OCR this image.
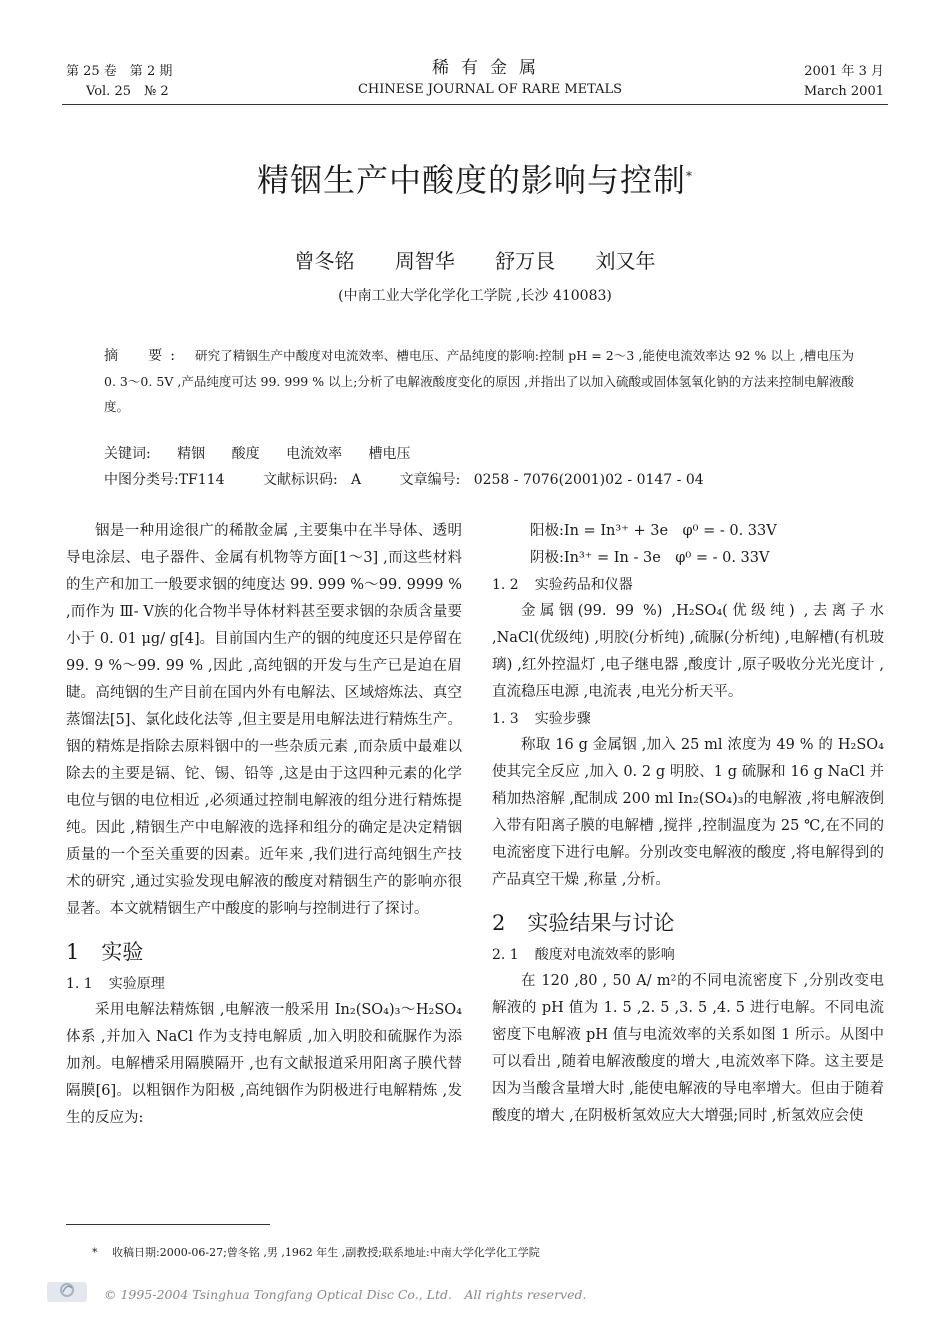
第 25 卷　第 2 期
Vol. 25　№ 2
稀有金属
CHINESE JOURNAL OF RARE METALS
2001 年 3 月
March 2001
精铟生产中酸度的影响与控制*
曾冬铭 周智华 舒万艮 刘又年
(中南工业大学化学化工学院 ,长沙 410083)
摘　要: 研究了精铟生产中酸度对电流效率、槽电压、产品纯度的影响:控制 pH = 2～3 ,能使电流效率达 92 % 以上 ,槽电压为 0. 3～0. 5V ,产品纯度可达 99. 999 % 以上;分析了电解液酸度变化的原因 ,并指出了以加入硫酸或固体氢氧化钠的方法来控制电解液酸度。
关键词: 精铟 酸度 电流效率 槽电压
中图分类号:TF114	文献标识码: A	文章编号: 0258 - 7076(2001)02 - 0147 - 04

铟是一种用途很广的稀散金属 ,主要集中在半导体、透明导电涂层、电子器件、金属有机物等方面[1～3] ,而这些材料的生产和加工一般要求铟的纯度达 99. 999 %～99. 9999 % ,而作为 Ⅲ- Ⅴ族的化合物半导体材料甚至要求铟的杂质含量要小于 0. 01 μg/ g[4]。目前国内生产的铟的纯度还只是停留在 99. 9 %～99. 99 % ,因此 ,高纯铟的开发与生产已是迫在眉睫。高纯铟的生产目前在国内外有电解法、区域熔炼法、真空蒸馏法[5]、氯化歧化法等 ,但主要是用电解法进行精炼生产。铟的精炼是指除去原料铟中的一些杂质元素 ,而杂质中最难以除去的主要是镉、铊、锡、铅等 ,这是由于这四种元素的化学电位与铟的电位相近 ,必须通过控制电解液的组分进行精炼提纯。因此 ,精铟生产中电解液的选择和组分的确定是决定精铟质量的一个至关重要的因素。近年来 ,我们进行高纯铟生产技术的研究 ,通过实验发现电解液的酸度对精铟生产的影响亦很显著。本文就精铟生产中酸度的影响与控制进行了探讨。

1 实验
1. 1 实验原理

采用电解法精炼铟 ,电解液一般采用 In₂(SO₄)₃～H₂SO₄体系 ,并加入 NaCl 作为支持电解质 ,加入明胶和硫脲作为添加剂。电解槽采用隔膜隔开 ,也有文献报道采用阳离子膜代替隔膜[6]。以粗铟作为阳极 ,高纯铟作为阴极进行电解精炼 ,发生的反应为:

阳极:In = In³⁺ + 3e　φ⁰ = - 0. 33V
阴极:In³⁺ = In - 3e　φ⁰ = - 0. 33V
1. 2 实验药品和仪器

金属铟(99. 99 %) ,H₂SO₄(优级纯) ,去离子水 ,NaCl(优级纯) ,明胶(分析纯) ,硫脲(分析纯) ,电解槽(有机玻璃) ,红外控温灯 ,电子继电器 ,酸度计 ,原子吸收分光光度计 ,直流稳压电源 ,电流表 ,电光分析天平。

1. 3 实验步骤

称取 16 g 金属铟 ,加入 25 ml 浓度为 49 % 的 H₂SO₄使其完全反应 ,加入 0. 2 g 明胶、1 g 硫脲和 16 g NaCl 并稍加热溶解 ,配制成 200 ml In₂(SO₄)₃的电解液 ,将电解液倒入带有阳离子膜的电解槽 ,搅拌 ,控制温度为 25 ℃,在不同的电流密度下进行电解。分别改变电解液的酸度 ,将电解得到的产品真空干燥 ,称量 ,分析。

2 实验结果与讨论
2. 1 酸度对电流效率的影响

在 120 ,80 , 50 A/ m²的不同电流密度下 ,分别改变电解液的 pH 值为 1. 5 ,2. 5 ,3. 5 ,4. 5 进行电解。不同电流密度下电解液 pH 值与电流效率的关系如图 1 所示。从图中可以看出 ,随着电解液酸度的增大 ,电流效率下降。这主要是因为当酸含量增大时 ,能使电解液的导电率增大。但由于随着酸度的增大 ,在阴极析氢效应大大增强;同时 ,析氢效应会使

* 　收稿日期:2000-06-27;曾冬铭 ,男 ,1962 年生 ,副教授;联系地址:中南大学化学化工学院
© 1995-2004 Tsinghua Tongfang Optical Disc Co., Ltd.　All rights reserved.
